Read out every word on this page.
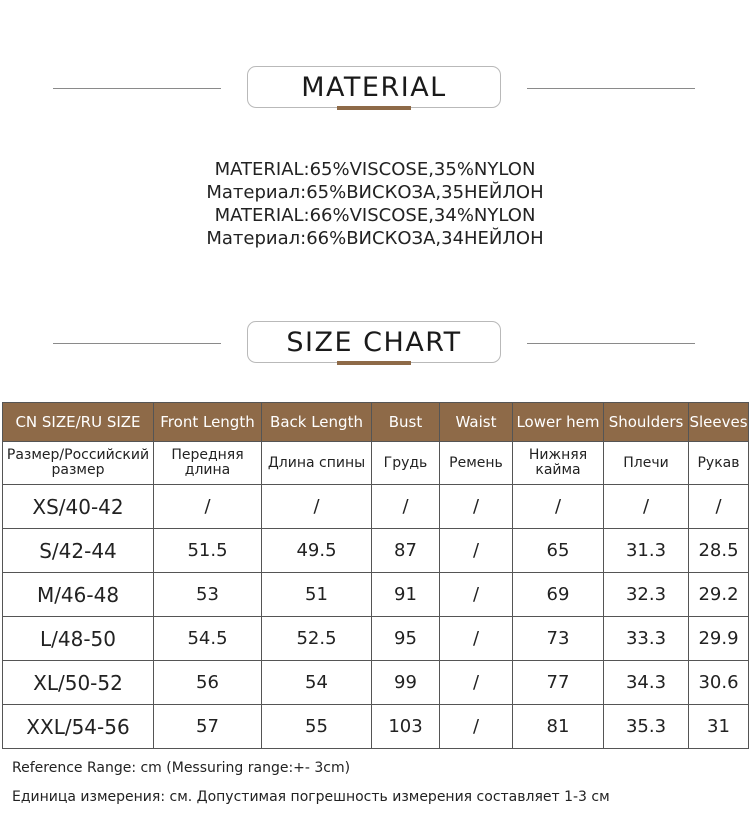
MATERIAL
MATERIAL:65%VISCOSE,35%NYLON
Материал:65%ВИСКОЗА,35НЕЙЛОН
MATERIAL:66%VISCOSE,34%NYLON
Материал:66%ВИСКОЗА,34НЕЙЛОН
SIZE CHART
CN SIZE/RU SIZE	Front Length	Back Length	Bust	Waist	Lower hem	Shoulders	Sleeves
Размер/Российский размер	Передняя длина	Длина спины	Грудь	Ремень	Нижняя кайма	Плечи	Рукав
XS/40-42	/	/	/	/	/	/	/
S/42-44	51.5	49.5	87	/	65	31.3	28.5
M/46-48	53	51	91	/	69	32.3	29.2
L/48-50	54.5	52.5	95	/	73	33.3	29.9
XL/50-52	56	54	99	/	77	34.3	30.6
XXL/54-56	57	55	103	/	81	35.3	31
Reference Range: cm (Messuring range:+- 3cm)
Единица измерения: см. Допустимая погрешность измерения составляет 1-3 см
